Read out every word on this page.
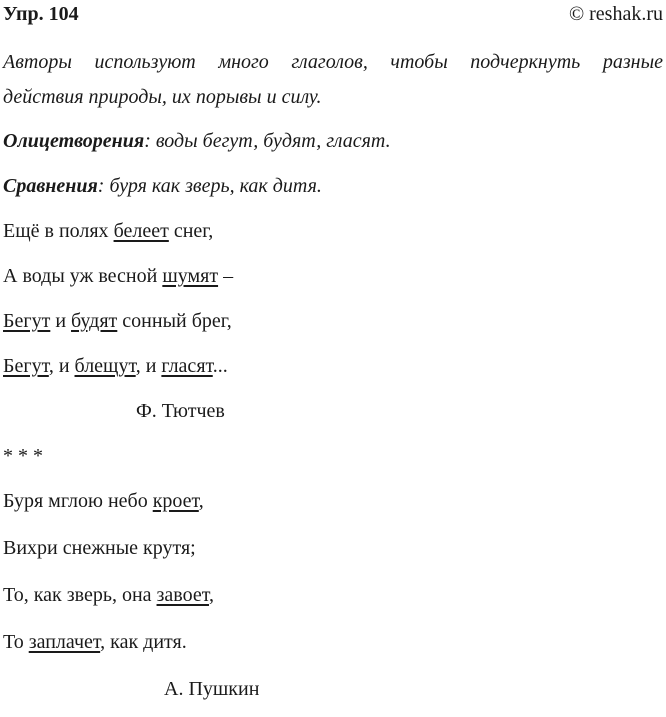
Упр. 104	© reshak.ru
Авторы используют много глаголов, чтобы подчеркнуть разные
действия природы, их порывы и силу.
Олицетворения: воды бегут, будят, гласят.
Сравнения: буря как зверь, как дитя.
Ещё в полях белеет снег,
А воды уж весной шумят –
Бегут и будят сонный брег,
Бегут, и блещут, и гласят...
Ф. Тютчев
* * *
Буря мглою небо кроет,
Вихри снежные крутя;
То, как зверь, она завоет,
То заплачет, как дитя.
А. Пушкин
